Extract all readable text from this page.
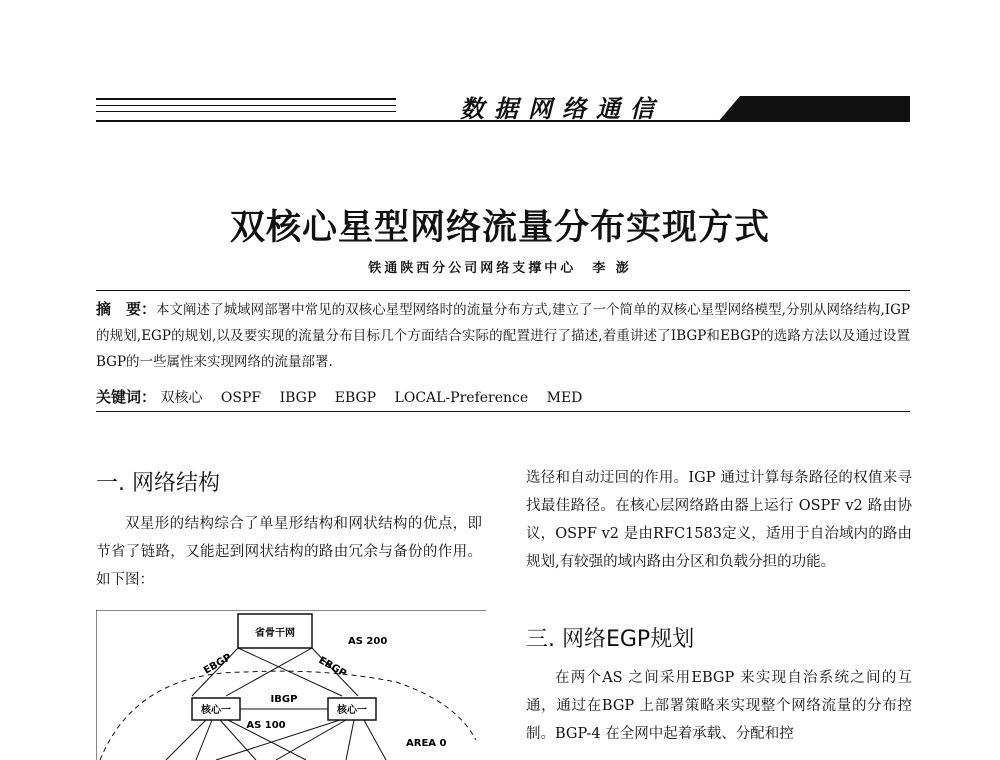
数据网络通信
双核心星型网络流量分布实现方式
铁通陕西分公司网络支撑中心　李 澎
摘　要：本文阐述了城域网部署中常见的双核心星型网络时的流量分布方式,建立了一个简单的双核心星型网络模型,分别从网络结构,IGP的规划,EGP的规划,以及要实现的流量分布目标几个方面结合实际的配置进行了描述,着重讲述了IBGP和EBGP的选路方法以及通过设置BGP的一些属性来实现网络的流量部署.
关键词： 双核心 OSPF IBGP EBGP LOCAL-Preference MED
一. 网络结构
双星形的结构综合了单星形结构和网状结构的优点，即节省了链路，又能起到网状结构的路由冗余与备份的作用。如下图：
省骨干网
AS 200
EBGP	EBGP
核心一	核心一
IBGP
AS 100
AREA 0
选径和自动迂回的作用。IGP 通过计算每条路径的权值来寻找最佳路径。在核心层网络路由器上运行 OSPF v2 路由协议，OSPF v2 是由RFC1583定义，适用于自治域内的路由规划,有较强的域内路由分区和负载分担的功能。
三. 网络EGP规划
在两个AS 之间采用EBGP 来实现自治系统之间的互通，通过在BGP 上部署策略来实现整个网络流量的分布控制。BGP-4 在全网中起着承载、分配和控
